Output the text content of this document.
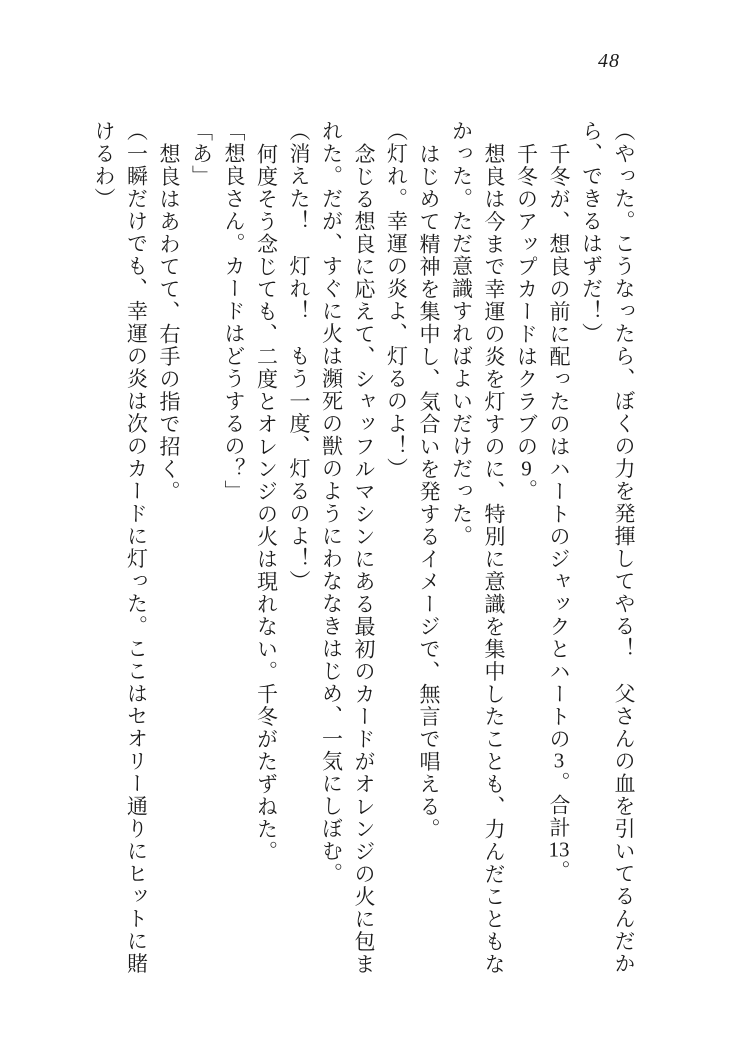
48

（やった。こうなったら、ぼくの力を発揮してやる！　父さんの血を引いてるんだか

ら、できるはずだ！）

千冬が、想良の前に配ったのはハートのジャックとハートの3。合計13。

千冬のアップカードはクラブの9。

想良は今まで幸運の炎を灯すのに、特別に意識を集中したことも、力んだこともな

かった。ただ意識すればよいだけだった。

はじめて精神を集中し、気合いを発するイメージで、無言で唱える。

（灯れ。幸運の炎よ、灯るのよ！）

念じる想良に応えて、シャッフルマシンにある最初のカードがオレンジの火に包ま

れた。だが、すぐに火は瀕死の獣のようにわななきはじめ、一気にしぼむ。

（消えた！　灯れ！　もう一度、灯るのよ！）

何度そう念じても、二度とオレンジの火は現れない。千冬がたずねた。

「想良さん。カードはどうするの？」

「あ」

想良はあわてて、右手の指で招く。

（一瞬だけでも、幸運の炎は次のカードに灯った。ここはセオリー通りにヒットに賭

けるわ）
